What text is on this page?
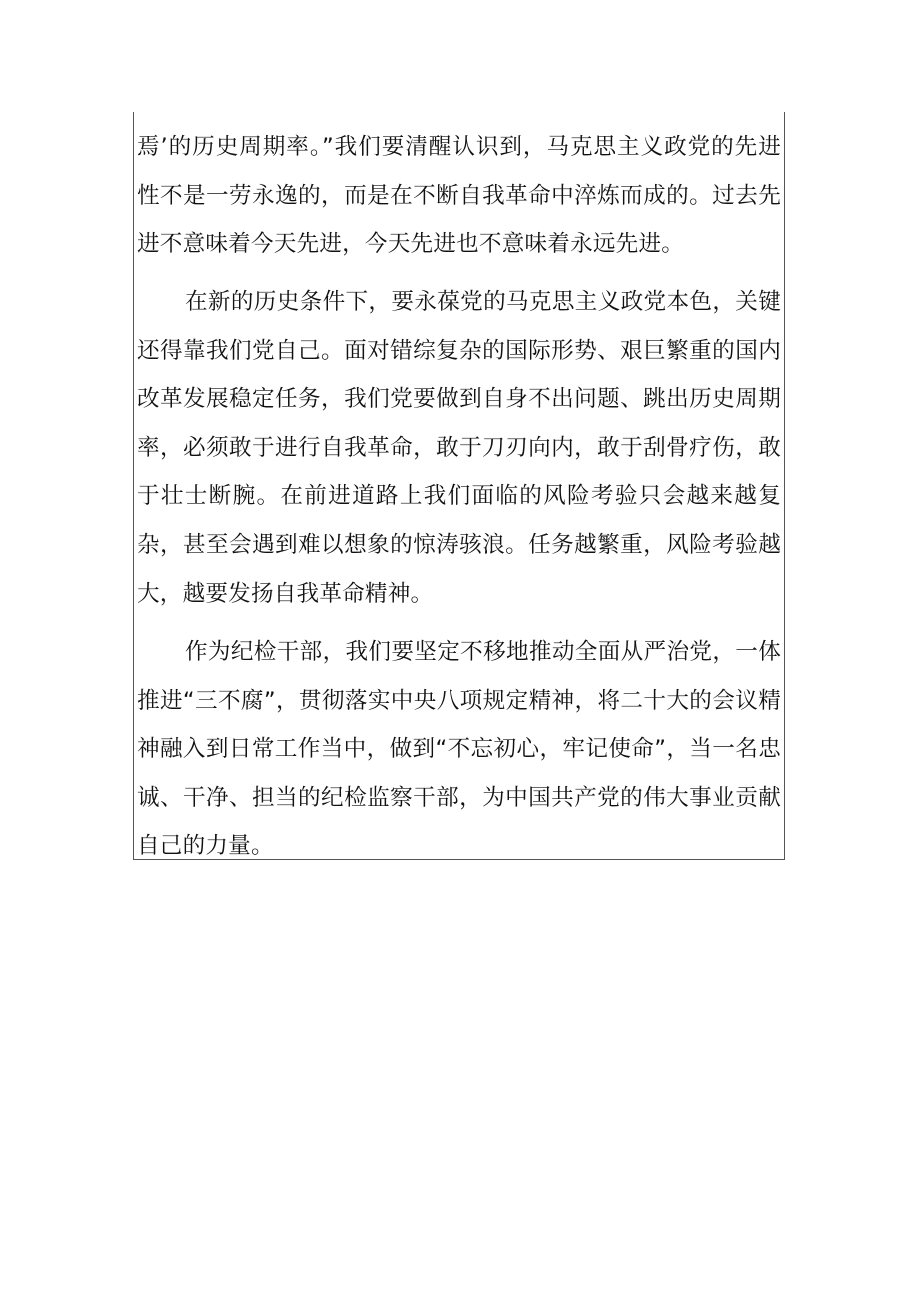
焉’的历史周期率。”我们要清醒认识到，马克思主义政党的先进性不是一劳永逸的，而是在不断自我革命中淬炼而成的。过去先进不意味着今天先进，今天先进也不意味着永远先进。

在新的历史条件下，要永葆党的马克思主义政党本色，关键还得靠我们党自己。面对错综复杂的国际形势、艰巨繁重的国内改革发展稳定任务，我们党要做到自身不出问题、跳出历史周期率，必须敢于进行自我革命，敢于刀刃向内，敢于刮骨疗伤，敢于壮士断腕。在前进道路上我们面临的风险考验只会越来越复杂，甚至会遇到难以想象的惊涛骇浪。任务越繁重，风险考验越大，越要发扬自我革命精神。

作为纪检干部，我们要坚定不移地推动全面从严治党，一体推进“三不腐”，贯彻落实中央八项规定精神，将二十大的会议精神融入到日常工作当中，做到“不忘初心，牢记使命”，当一名忠诚、干净、担当的纪检监察干部，为中国共产党的伟大事业贡献自己的力量。
